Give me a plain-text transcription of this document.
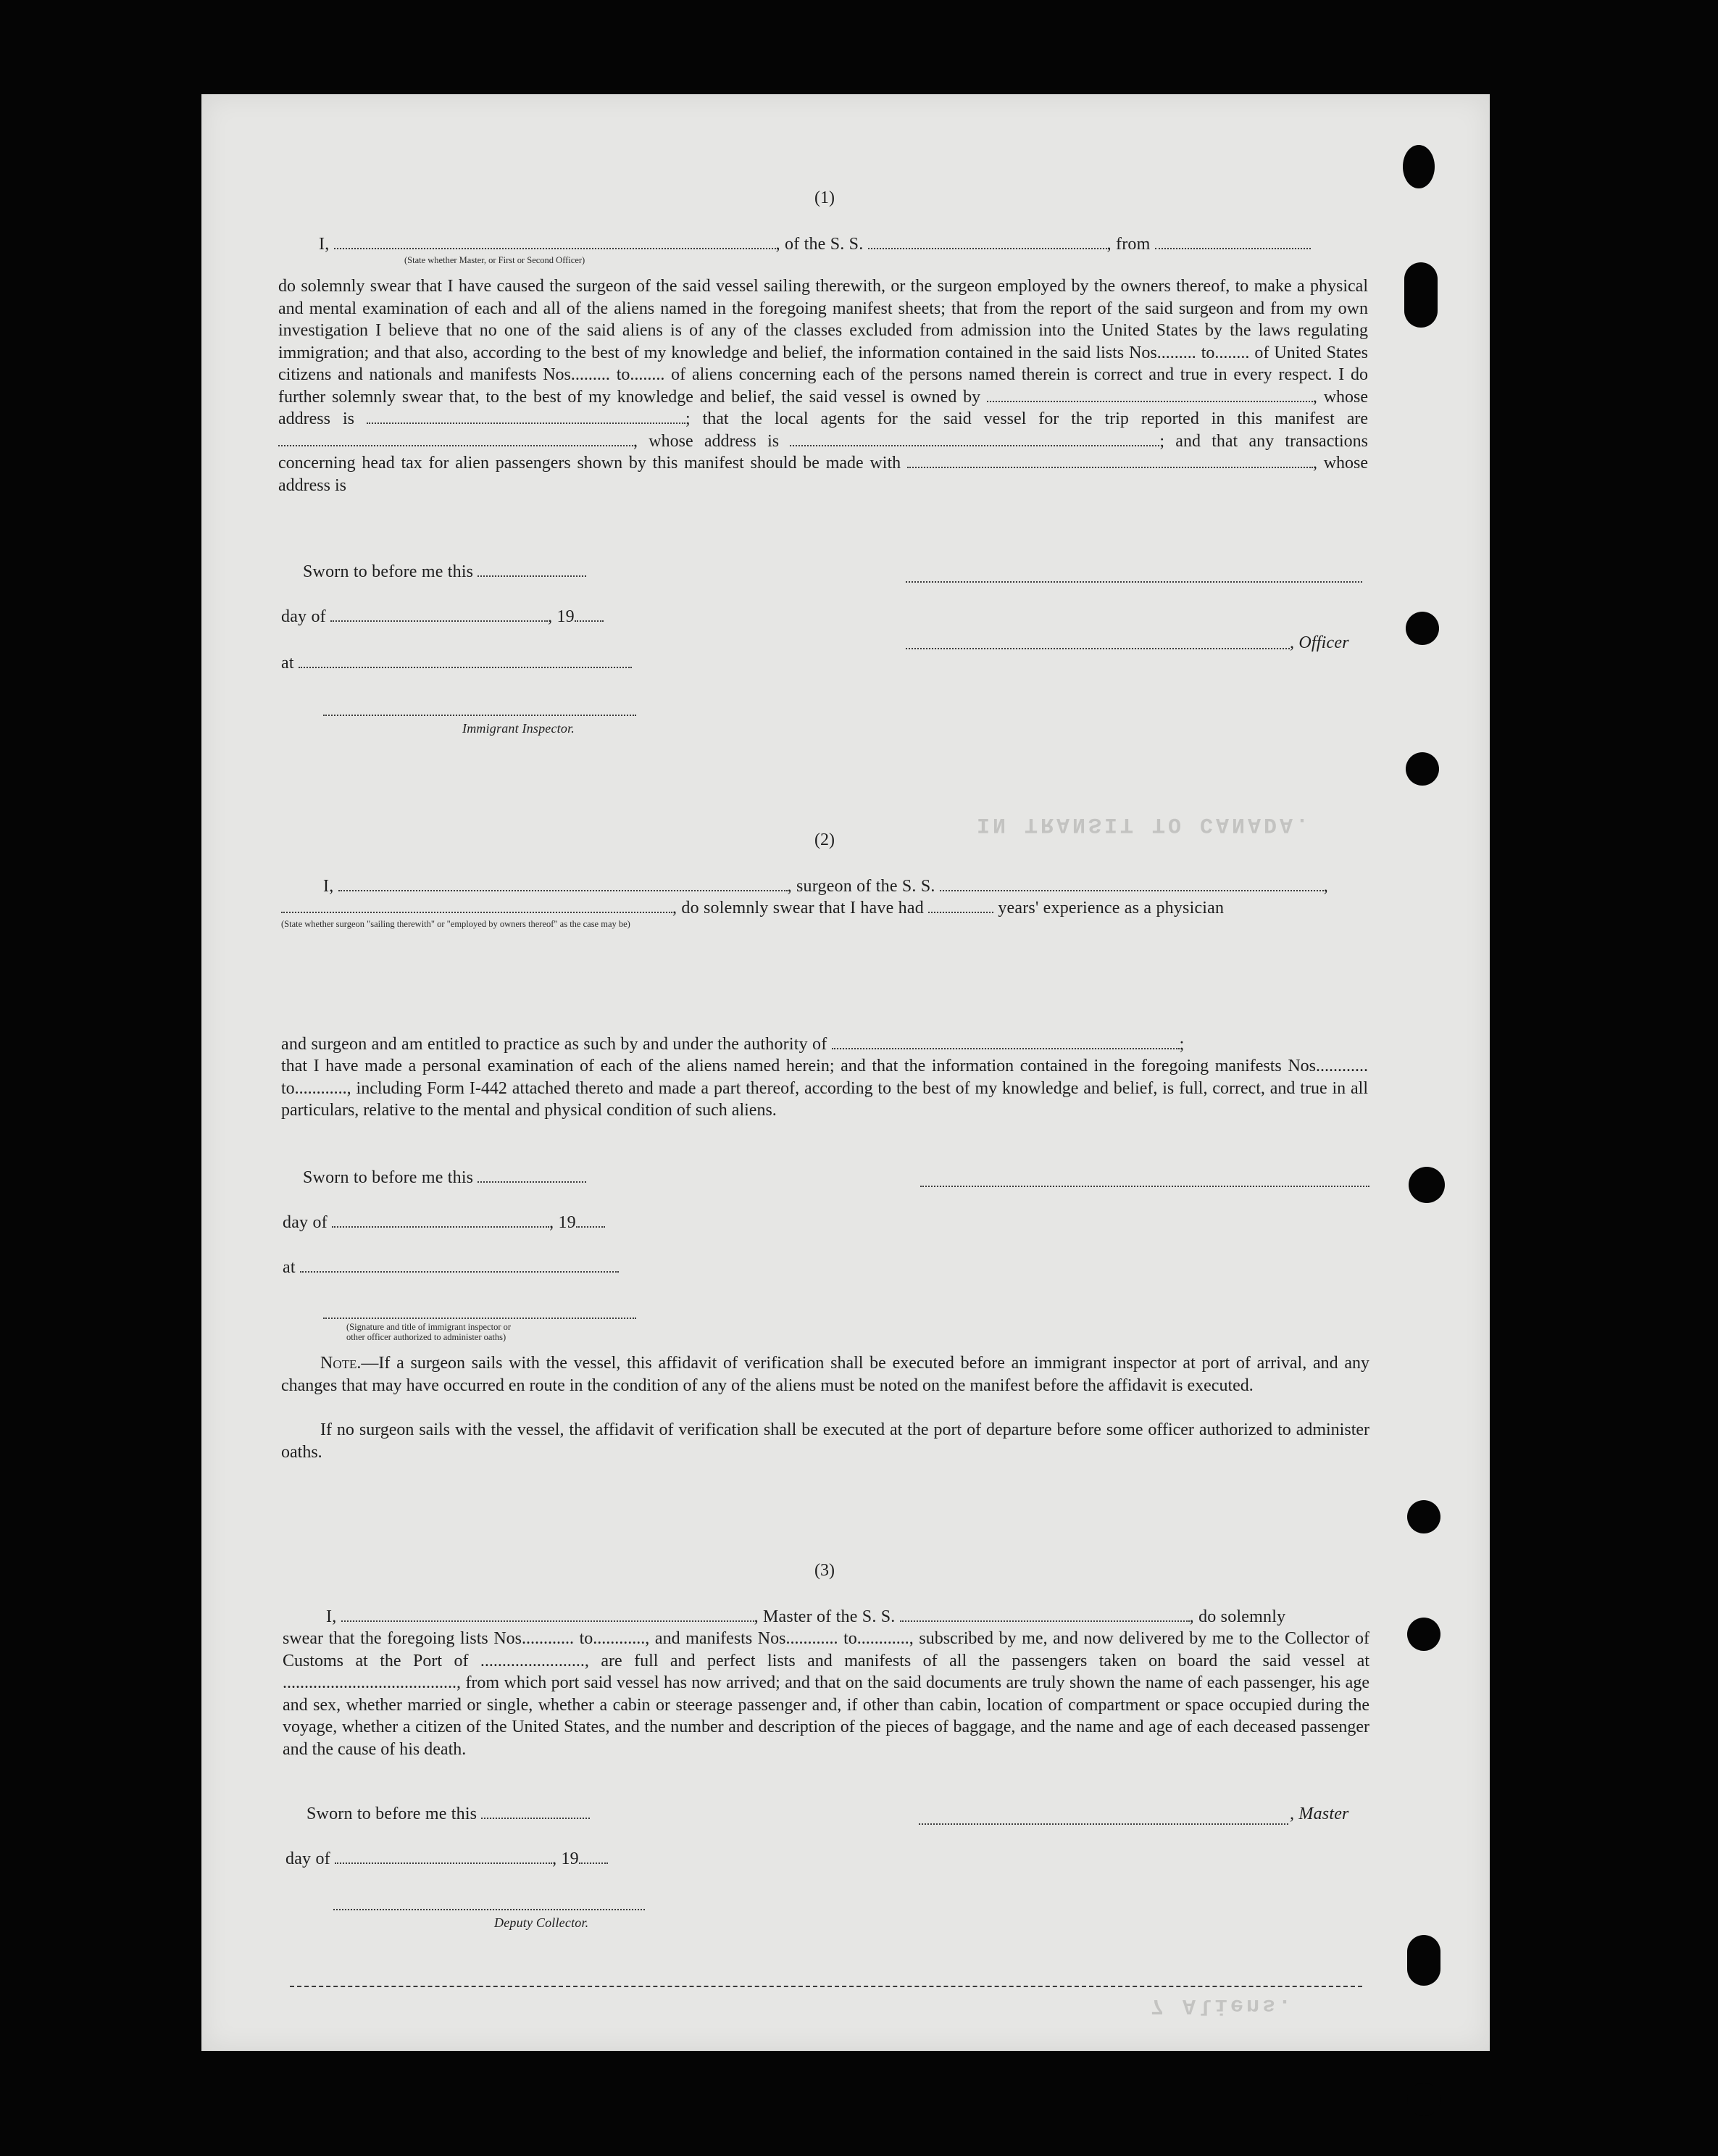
IN TRANSIT TO CANADA.
7 Aliens.
(1)
I,	, of the S. S.	, from
(State whether Master, or First or Second Officer)
do solemnly swear that I have caused the surgeon of the said vessel sailing therewith, or the surgeon employed by the owners thereof, to make a physical and mental examination of each and all of the aliens named in the foregoing manifest sheets; that from the report of the said surgeon and from my own investigation I believe that no one of the said aliens is of any of the classes excluded from admission into the United States by the laws regulating immigration; and that also, according to the best of my knowledge and belief, the information contained in the said lists Nos......... to........ of United States citizens and nationals and manifests Nos......... to........ of aliens concerning each of the persons named therein is correct and true in every respect. I do further solemnly swear that, to the best of my knowledge and belief, the said vessel is owned by	, whose address is	; that the local agents for the said vessel for the trip reported in this manifest are , whose address is	; and that any transactions concerning head tax for alien passengers shown by this manifest should be made with	, whose address is
Sworn to before me this
day of	, 19
, Officer
at
Immigrant Inspector.
(2)
I,	, surgeon of the S. S.	,
, do solemnly swear that I have had	years' experience as a physician
(State whether surgeon "sailing therewith" or "employed by owners thereof" as the case may be)
and surgeon and am entitled to practice as such by and under the authority of	;
that I have made a personal examination of each of the aliens named herein; and that the information contained in the foregoing manifests Nos............ to............, including Form I-442 attached thereto and made a part thereof, according to the best of my knowledge and belief, is full, correct, and true in all particulars, relative to the mental and physical condition of such aliens.
Sworn to before me this
day of	, 19
at
(Signature and title of immigrant inspector or
other officer authorized to administer oaths)
Note.—If a surgeon sails with the vessel, this affidavit of verification shall be executed before an immigrant inspector at port of arrival, and any changes that may have occurred en route in the condition of any of the aliens must be noted on the manifest before the affidavit is executed.
If no surgeon sails with the vessel, the affidavit of verification shall be executed at the port of departure before some officer authorized to administer oaths.
(3)
I,	, Master of the S. S.	, do solemnly
swear that the foregoing lists Nos............ to............, and manifests Nos............ to............, subscribed by me, and now delivered by me to the Collector of Customs at the Port of ........................, are full and perfect lists and manifests of all the passengers taken on board the said vessel at ........................................, from which port said vessel has now arrived; and that on the said documents are truly shown the name of each passenger, his age and sex, whether married or single, whether a cabin or steerage passenger and, if other than cabin, location of compartment or space occupied during the voyage, whether a citizen of the United States, and the number and description of the pieces of baggage, and the name and age of each deceased passenger and the cause of his death.
Sworn to before me this	, Master
day of	, 19
Deputy Collector.
